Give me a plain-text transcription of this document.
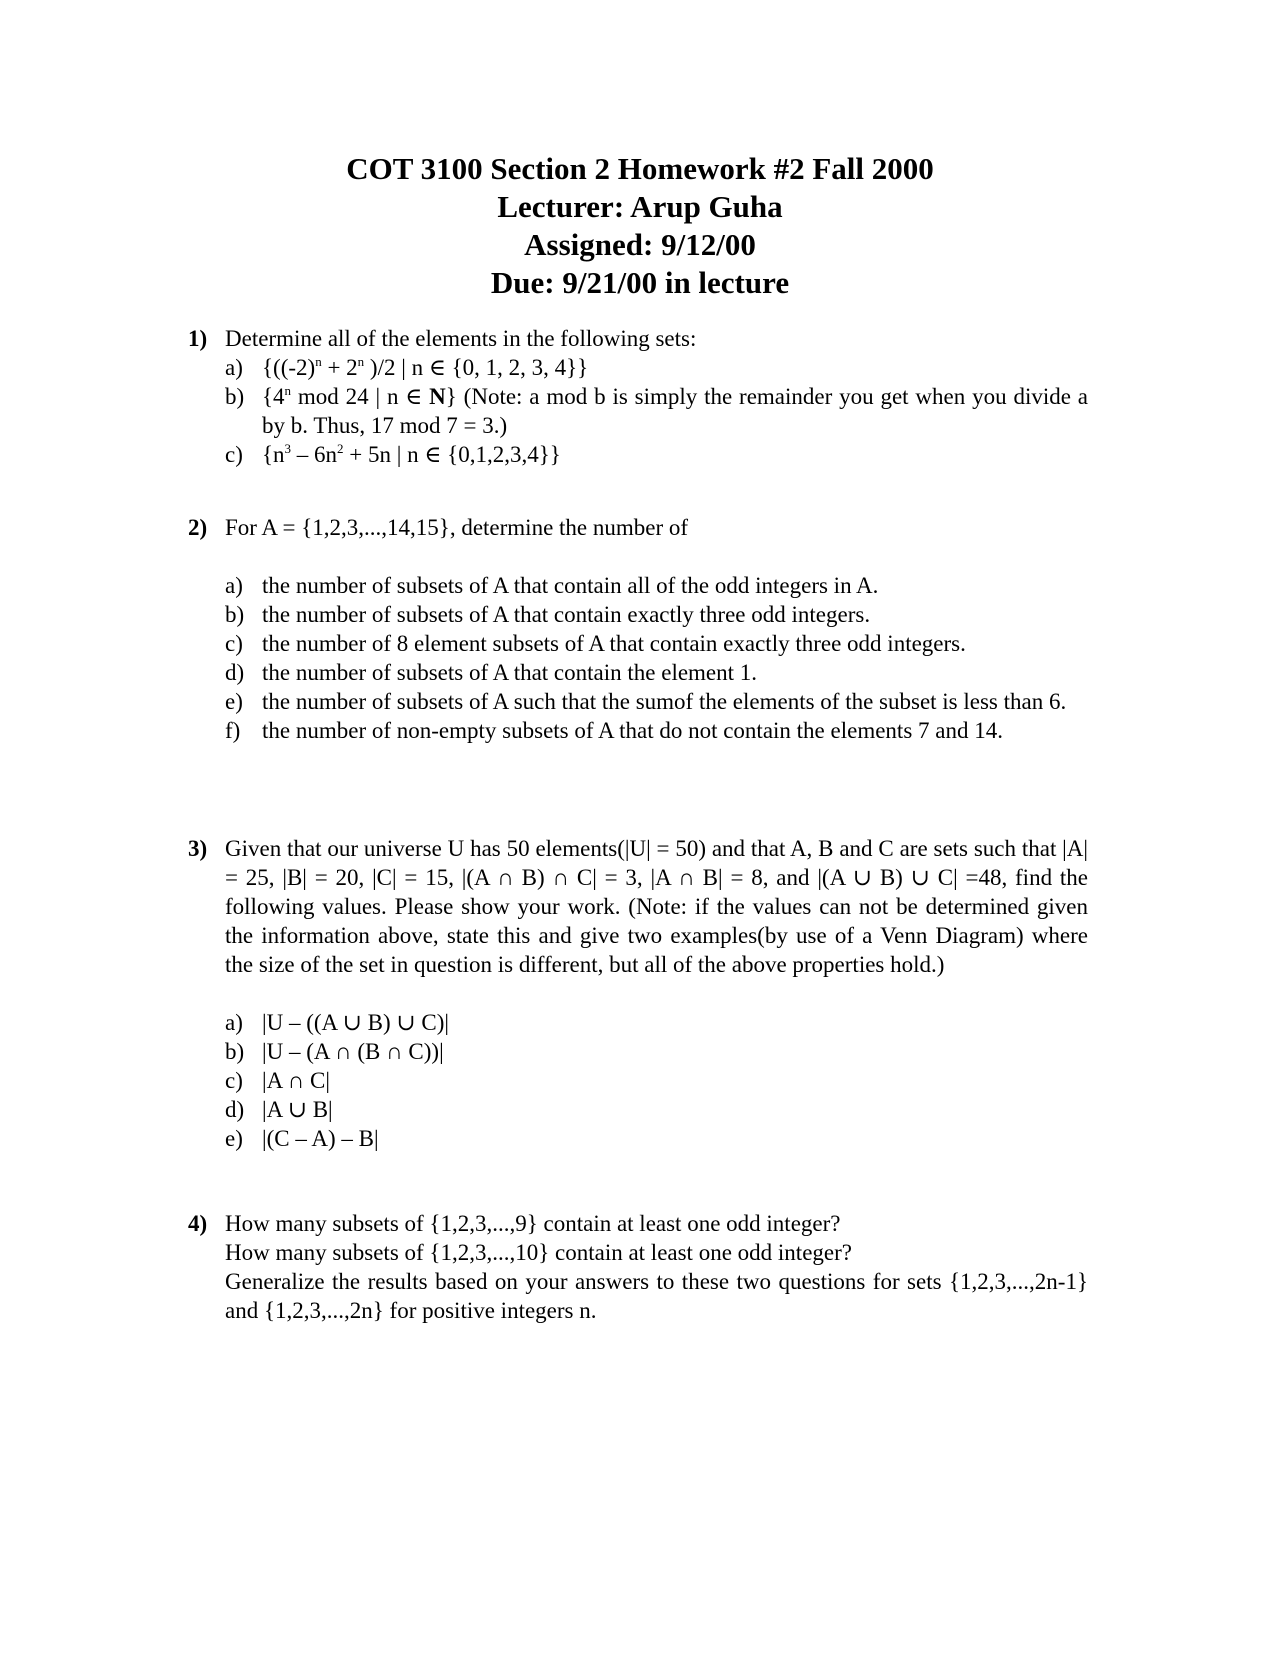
COT 3100 Section 2 Homework #2 Fall 2000
Lecturer: Arup Guha
Assigned: 9/12/00
Due: 9/21/00 in lecture
1) Determine all of the elements in the following sets:
a) {($(-2)^n + 2^n$ )/2 | n ∈ {0, 1, 2, 3, 4}}
b) {4$^n$ mod 24 | n ∈ N} (Note: a mod b is simply the remainder you get when you divide a by b. Thus, 17 mod 7 = 3.)
c) {$n^3 - 6n^2 + 5n$ | n ∈ {0,1,2,3,4}}
2) For A = {1,2,3,...,14,15}, determine the number of
a) the number of subsets of A that contain all of the odd integers in A.
b) the number of subsets of A that contain exactly three odd integers.
c) the number of 8 element subsets of A that contain exactly three odd integers.
d) the number of subsets of A that contain the element 1.
e) the number of subsets of A such that the sumof the elements of the subset is less than 6.
f) the number of non-empty subsets of A that do not contain the elements 7 and 14.
3) Given that our universe U has 50 elements(|U| = 50) and that A, B and C are sets such that |A| = 25, |B| = 20, |C| = 15, |(A ∩ B) ∩ C| = 3, |A ∩ B| = 8, and |(A ∪ B) ∪ C| =48, find the following values. Please show your work. (Note: if the values can not be determined given the information above, state this and give two examples(by use of a Venn Diagram) where the size of the set in question is different, but all of the above properties hold.)
a) |U – ((A ∪ B) ∪ C)|
b) |U – (A ∩ (B ∩ C))|
c) |A ∩ C|
d) |A ∪ B|
e) |(C – A) – B|
4) How many subsets of {1,2,3,...,9} contain at least one odd integer?
How many subsets of {1,2,3,...,10} contain at least one odd integer?
Generalize the results based on your answers to these two questions for sets {1,2,3,...,2n-1} and {1,2,3,...,2n} for positive integers n.
